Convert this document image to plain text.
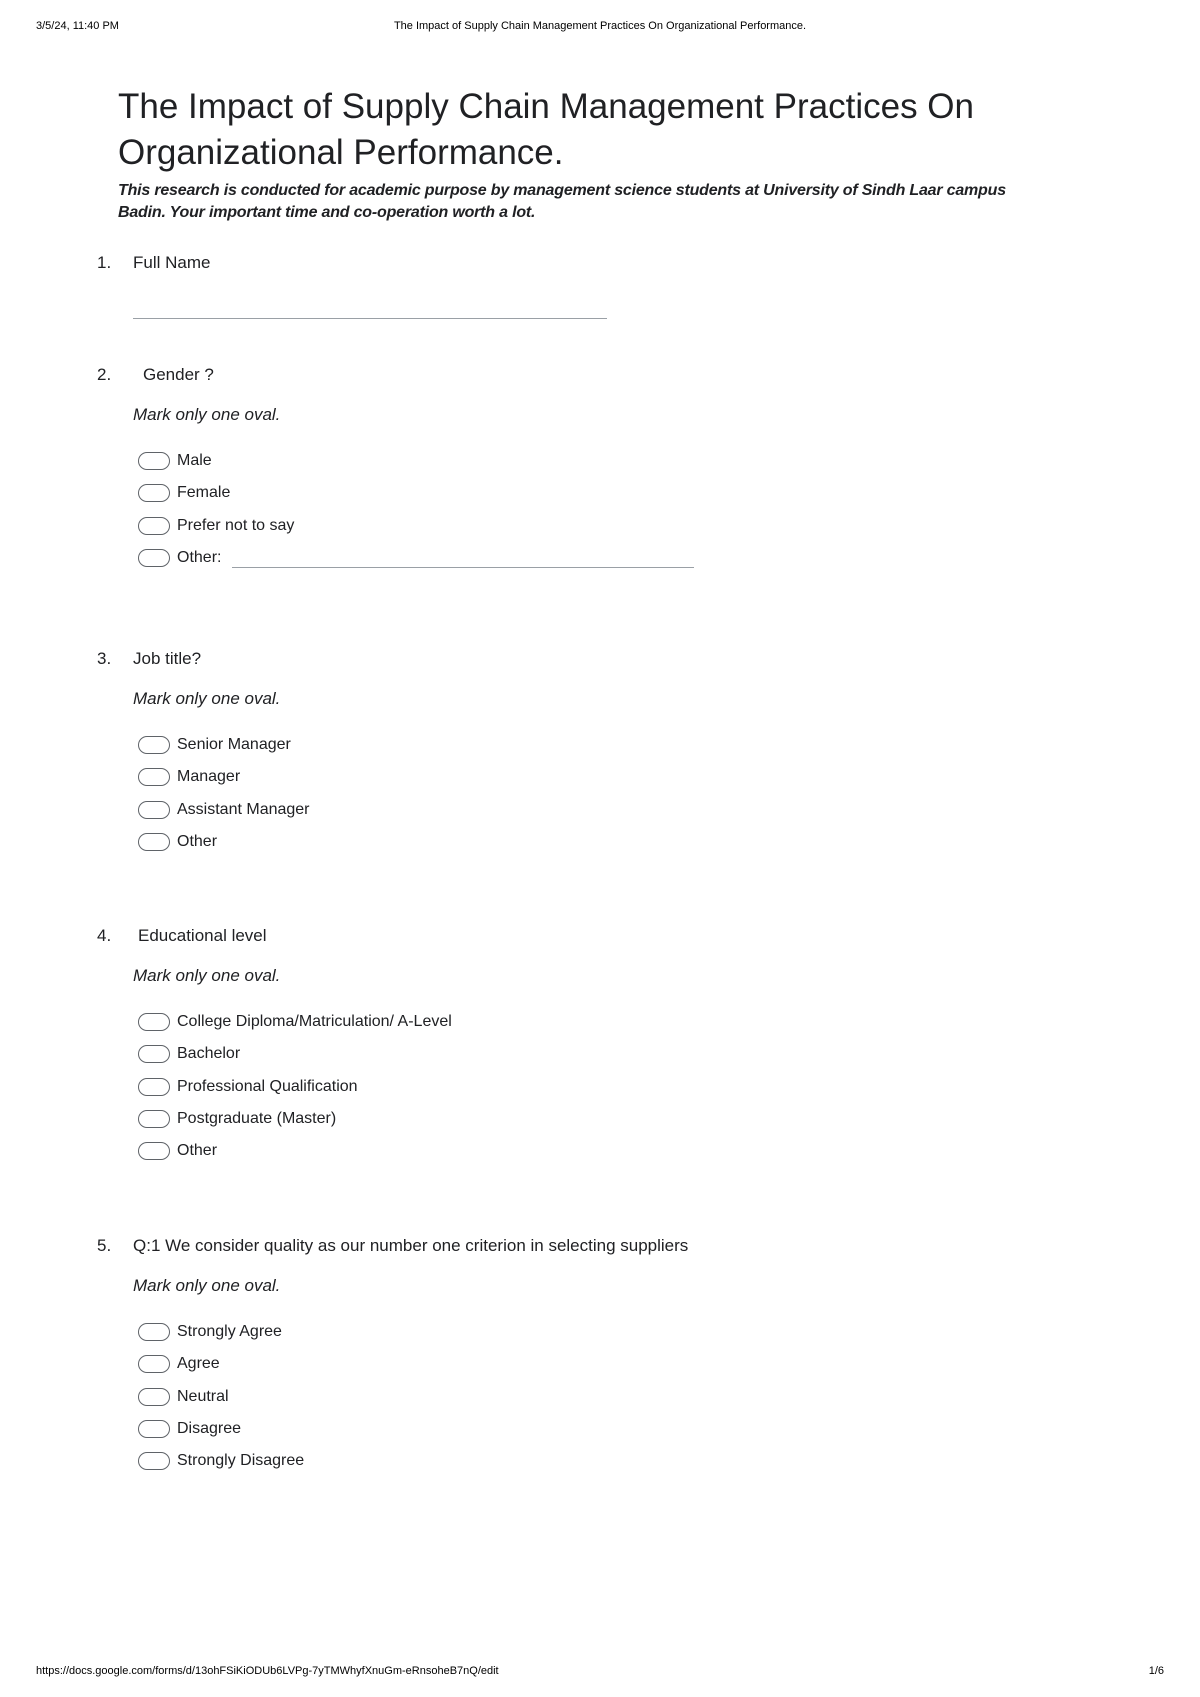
3/5/24, 11:40 PM	The Impact of Supply Chain Management Practices On Organizational Performance.
The Impact of Supply Chain Management Practices On
Organizational Performance.
This research is conducted for academic purpose by management science students at University of Sindh Laar campus Badin. Your important time and co-operation worth a lot.
1. Full Name
2. Gender ?
Mark only one oval.
Male
Female
Prefer not to say
Other:
3. Job title?
Mark only one oval.
Senior Manager
Manager
Assistant Manager
Other
4. Educational level
Mark only one oval.
College Diploma/Matriculation/ A-Level
Bachelor
Professional Qualification
Postgraduate (Master)
Other
5. Q:1 We consider quality as our number one criterion in selecting suppliers
Mark only one oval.
Strongly Agree
Agree
Neutral
Disagree
Strongly Disagree
https://docs.google.com/forms/d/13ohFSiKiODUb6LVPg-7yTMWhyfXnuGm-eRnsoheB7nQ/edit	1/6
